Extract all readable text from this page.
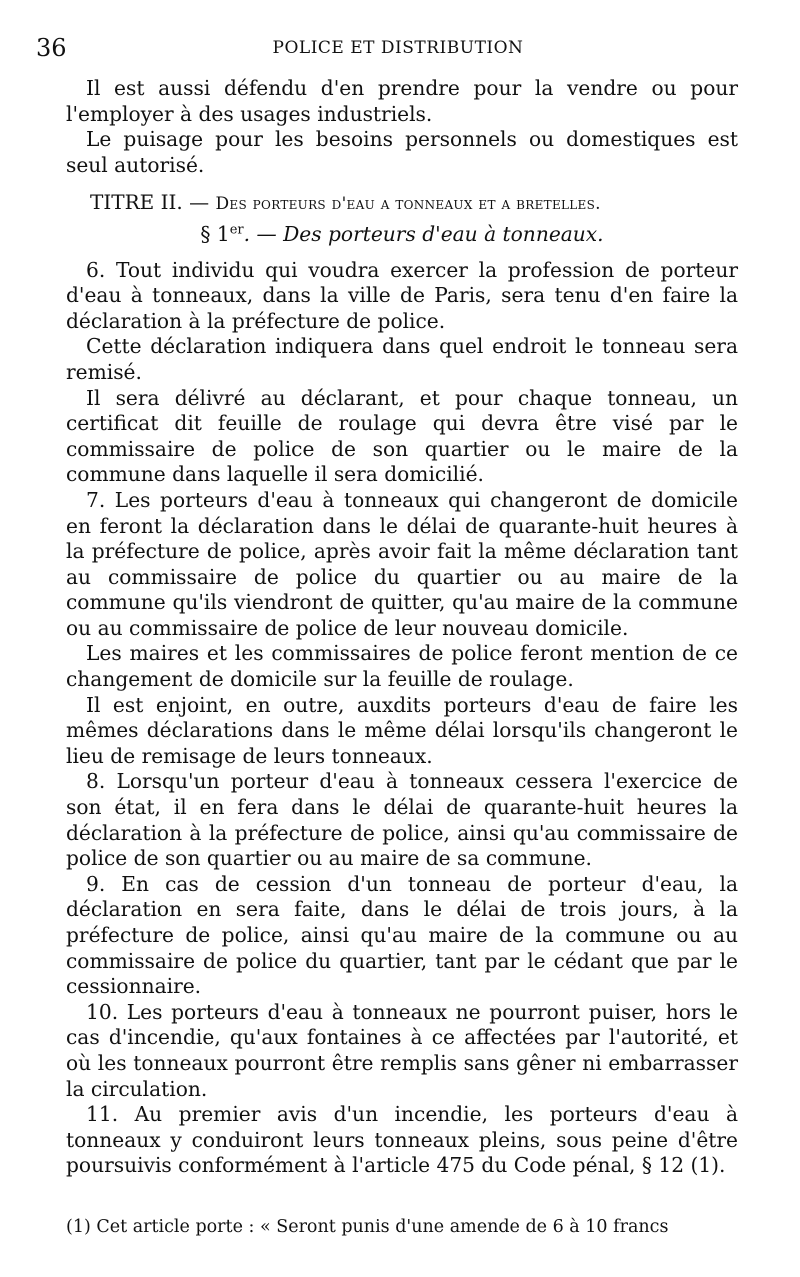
36	POLICE ET DISTRIBUTION

Il est aussi défendu d'en prendre pour la vendre ou pour l'employer à des usages industriels.

Le puisage pour les besoins personnels ou domestiques est seul autorisé.

TITRE II. — Des porteurs d'eau a tonneaux et a bretelles.

§ 1er. — Des porteurs d'eau à tonneaux.

6. Tout individu qui voudra exercer la profession de porteur d'eau à tonneaux, dans la ville de Paris, sera tenu d'en faire la déclaration à la préfecture de police.

Cette déclaration indiquera dans quel endroit le tonneau sera remisé.

Il sera délivré au déclarant, et pour chaque tonneau, un certificat dit feuille de roulage qui devra être visé par le commissaire de police de son quartier ou le maire de la commune dans laquelle il sera domicilié.

7. Les porteurs d'eau à tonneaux qui changeront de domicile en feront la déclaration dans le délai de quarante-huit heures à la préfecture de police, après avoir fait la même déclaration tant au commissaire de police du quartier ou au maire de la commune qu'ils viendront de quitter, qu'au maire de la commune ou au commissaire de police de leur nouveau domicile.

Les maires et les commissaires de police feront mention de ce changement de domicile sur la feuille de roulage.

Il est enjoint, en outre, auxdits porteurs d'eau de faire les mêmes déclarations dans le même délai lorsqu'ils changeront le lieu de remisage de leurs tonneaux.

8. Lorsqu'un porteur d'eau à tonneaux cessera l'exercice de son état, il en fera dans le délai de quarante-huit heures la déclaration à la préfecture de police, ainsi qu'au commissaire de police de son quartier ou au maire de sa commune.

9. En cas de cession d'un tonneau de porteur d'eau, la déclaration en sera faite, dans le délai de trois jours, à la préfecture de police, ainsi qu'au maire de la commune ou au commissaire de police du quartier, tant par le cédant que par le cessionnaire.

10. Les porteurs d'eau à tonneaux ne pourront puiser, hors le cas d'incendie, qu'aux fontaines à ce affectées par l'autorité, et où les tonneaux pourront être remplis sans gêner ni embarrasser la circulation.

11. Au premier avis d'un incendie, les porteurs d'eau à tonneaux y conduiront leurs tonneaux pleins, sous peine d'être poursuivis conformément à l'article 475 du Code pénal, § 12 (1).

(1) Cet article porte : « Seront punis d'une amende de 6 à 10 francs
